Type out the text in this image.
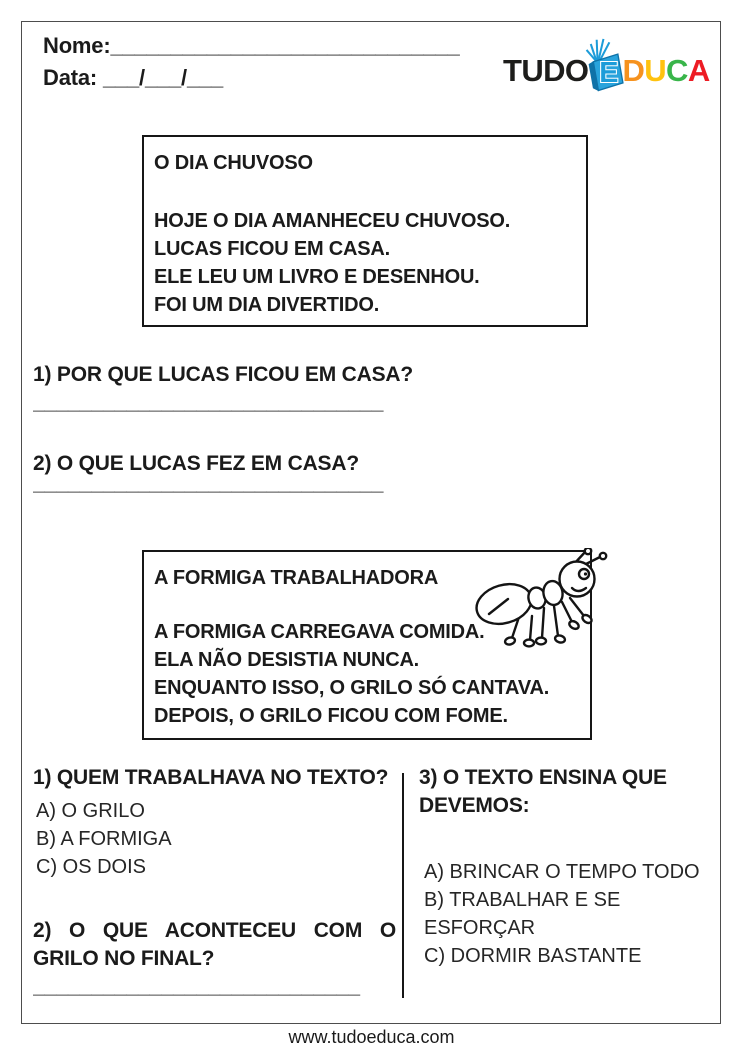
Nome:_____________________________
Data: ___/___/___	TUDO E D U C A
O DIA CHUVOSO
HOJE O DIA AMANHECEU CHUVOSO.
LUCAS FICOU EM CASA.
ELE LEU UM LIVRO E DESENHOU.
FOI UM DIA DIVERTIDO.
1) POR QUE LUCAS FICOU EM CASA?
______________________________
2) O QUE LUCAS FEZ EM CASA?
______________________________
A FORMIGA TRABALHADORA
A FORMIGA CARREGAVA COMIDA.
ELA NÃO DESISTIA NUNCA.
ENQUANTO ISSO, O GRILO SÓ CANTAVA.
DEPOIS, O GRILO FICOU COM FOME.
1) QUEM TRABALHAVA NO TEXTO?
A) O GRILO
B) A FORMIGA
C) OS DOIS
2) O QUE ACONTECEU COM O GRILO NO FINAL?
____________________________
3) O TEXTO ENSINA QUE DEVEMOS:
A) BRINCAR O TEMPO TODO
B) TRABALHAR E SE ESFORÇAR
C) DORMIR BASTANTE
www.tudoeduca.com
